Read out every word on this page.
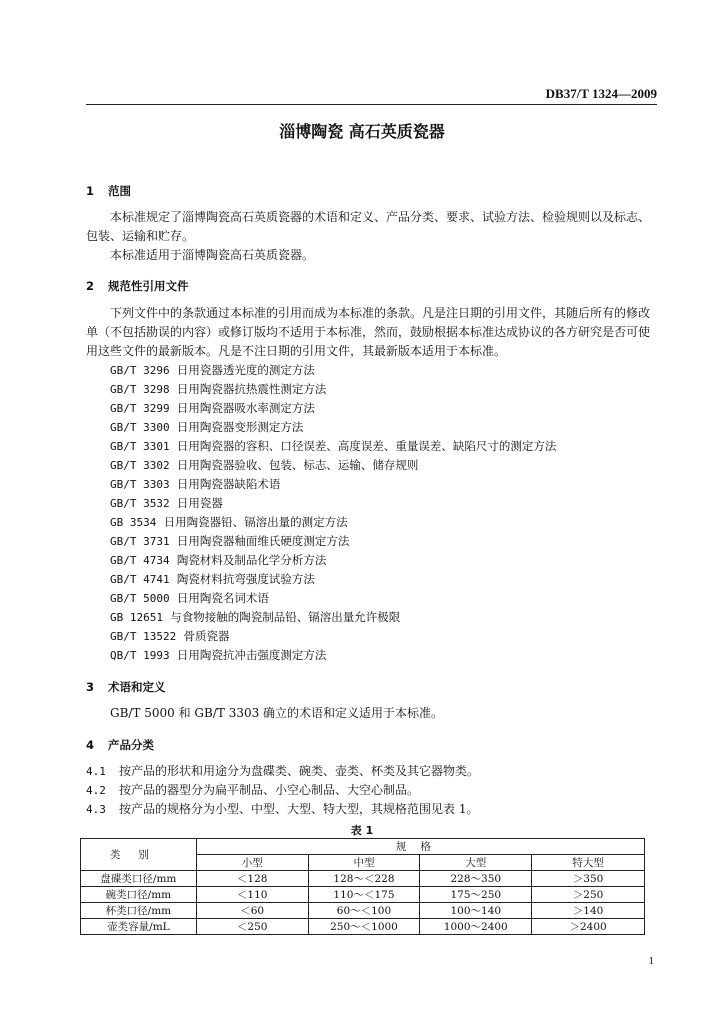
DB37/T 1324—2009
淄博陶瓷 高石英质瓷器
1 范围
本标准规定了淄博陶瓷高石英质瓷器的术语和定义、产品分类、要求、试验方法、检验规则以及标志、包装、运输和贮存。
本标准适用于淄博陶瓷高石英质瓷器。
2 规范性引用文件
下列文件中的条款通过本标准的引用而成为本标准的条款。凡是注日期的引用文件，其随后所有的修改单（不包括勘误的内容）或修订版均不适用于本标准，然而，鼓励根据本标准达成协议的各方研究是否可使用这些文件的最新版本。凡是不注日期的引用文件，其最新版本适用于本标准。
GB/T 3296 日用瓷器透光度的测定方法
GB/T 3298 日用陶瓷器抗热震性测定方法
GB/T 3299 日用陶瓷器吸水率测定方法
GB/T 3300 日用陶瓷器变形测定方法
GB/T 3301 日用陶瓷器的容积、口径误差、高度误差、重量误差、缺陷尺寸的测定方法
GB/T 3302 日用陶瓷器验收、包装、标志、运输、储存规则
GB/T 3303 日用陶瓷器缺陷术语
GB/T 3532 日用瓷器
GB 3534 日用陶瓷器铅、镉溶出量的测定方法
GB/T 3731 日用陶瓷器釉面维氏硬度测定方法
GB/T 4734 陶瓷材料及制品化学分析方法
GB/T 4741 陶瓷材料抗弯强度试验方法
GB/T 5000 日用陶瓷名词术语
GB 12651 与食物接触的陶瓷制品铅、镉溶出量允许极限
GB/T 13522 骨质瓷器
QB/T 1993 日用陶瓷抗冲击强度测定方法
3 术语和定义
GB/T 5000 和 GB/T 3303 确立的术语和定义适用于本标准。
4 产品分类
4.1 按产品的形状和用途分为盘碟类、碗类、壶类、杯类及其它器物类。
4.2 按产品的器型分为扁平制品、小空心制品、大空心制品。
4.3 按产品的规格分为小型、中型、大型、特大型，其规格范围见表 1。
表 1
类别	规格			
	小型	中型	大型	特大型
盘碟类口径/mm	＜128	128～＜228	228～350	＞350
碗类口径/mm	＜110	110～＜175	175～250	＞250
杯类口径/mm	＜60	60～＜100	100～140	＞140
壶类容量/mL	＜250	250～＜1000	1000～2400	＞2400
1
